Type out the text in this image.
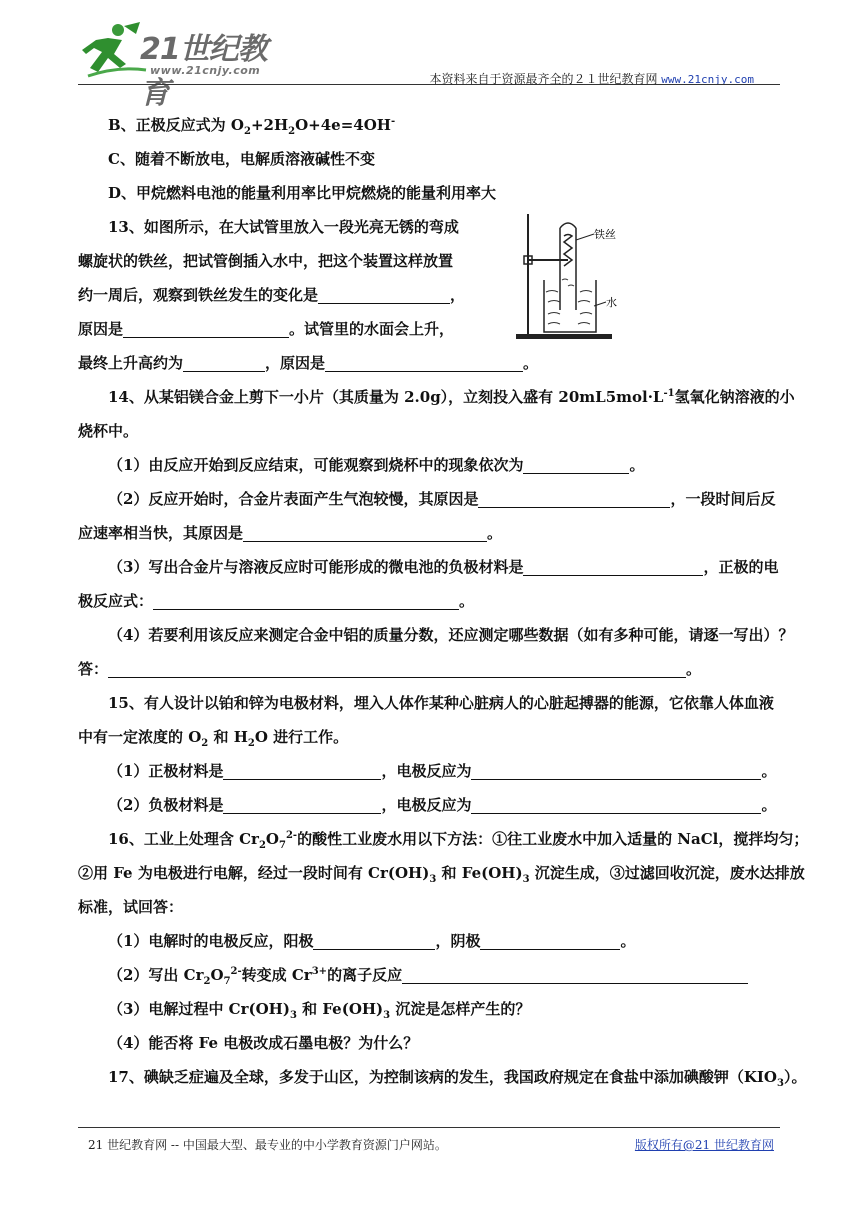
21世纪教育
www.21cnjy.com
本资料来自于资源最齐全的２１世纪教育网 www.21cnjy.com
B、正极反应式为 $O_2+2H_2O+4e=4OH^-$
C、随着不断放电，电解质溶液碱性不变
D、甲烷燃料电池的能量利用率比甲烷燃烧的能量利用率大
13、如图所示，在大试管里放入一段光亮无锈的弯成
螺旋状的铁丝，把试管倒插入水中，把这个装置这样放置
约一周后，观察到铁丝发生的变化是	，
原因是	。试管里的水面会上升，
最终上升高约为	，原因是	。
14、从某铝镁合金上剪下一小片（其质量为 2.0g），立刻投入盛有 $20mL5mol\cdot L^{-1}$氢氧化钠溶液的小
烧杯中。
（1）由反应开始到反应结束，可能观察到烧杯中的现象依次为	。
（2）反应开始时，合金片表面产生气泡较慢，其原因是	，一段时间后反
应速率相当快，其原因是	。
（3）写出合金片与溶液反应时可能形成的微电池的负极材料是	，正极的电
极反应式：	。
（4）若要利用该反应来测定合金中铝的质量分数，还应测定哪些数据（如有多种可能，请逐一写出）？
答：	。
15、有人设计以铂和锌为电极材料，埋入人体作某种心脏病人的心脏起搏器的能源，它依靠人体血液
中有一定浓度的 $O_2$ 和 $H_2O$ 进行工作。
（1）正极材料是	，电极反应为	。
（2）负极材料是	，电极反应为	。
16、工业上处理含 $Cr_2O_7^{2-}$的酸性工业废水用以下方法：①往工业废水中加入适量的 NaCl，搅拌均匀；
②用 Fe 为电极进行电解，经过一段时间有 $Cr(OH)_3$ 和 $Fe(OH)_3$ 沉淀生成，③过滤回收沉淀，废水达排放
标准，试回答：
（1）电解时的电极反应，阳极	，阴极	。
（2）写出 $Cr_2O_7^{2-}$转变成 $Cr^{3+}$的离子反应
（3）电解过程中 $Cr(OH)_3$ 和 $Fe(OH)_3$ 沉淀是怎样产生的？
（4）能否将 Fe 电极改成石墨电极？为什么？
17、碘缺乏症遍及全球，多发于山区，为控制该病的发生，我国政府规定在食盐中添加碘酸钾$(KIO_3)$。
铁丝
水
21 世纪教育网 -- 中国最大型、最专业的中小学教育资源门户网站。	版权所有@21 世纪教育网
